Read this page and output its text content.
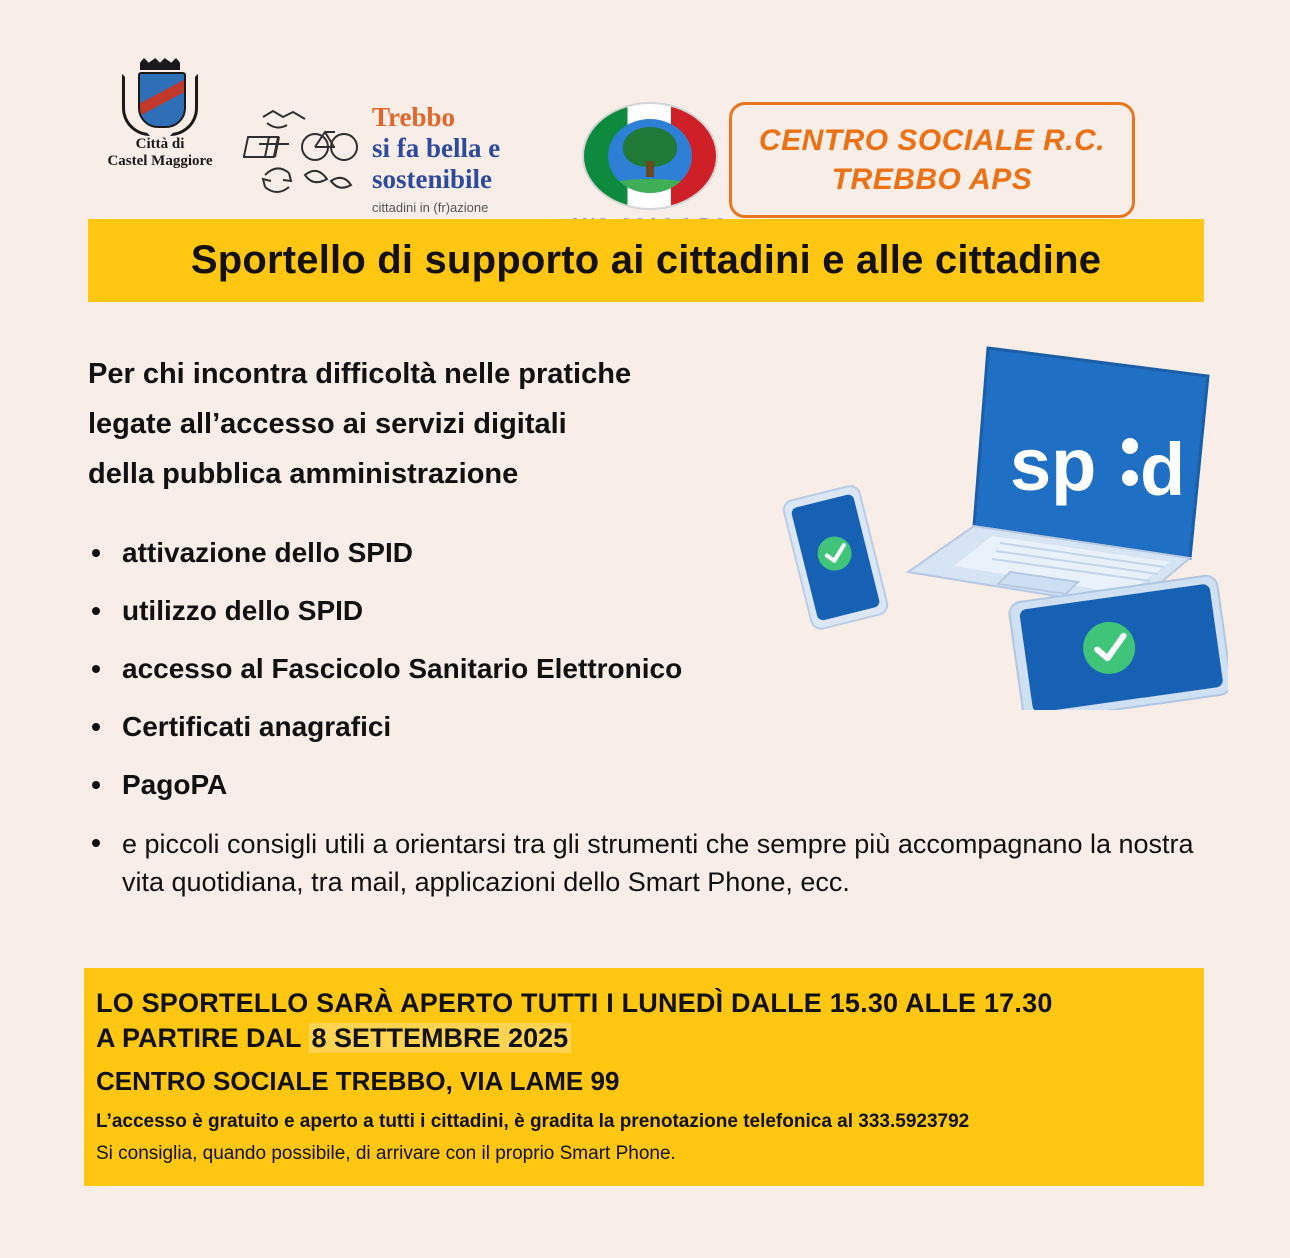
Città di
Castel Maggiore
Trebbo
si fa bella e
sostenibile
cittadini in (fr)azione
CENTRO SOCIALE R.C.
TREBBO APS
Sportello di supporto ai cittadini e alle cittadine
Per chi incontra difficoltà nelle pratiche
legate all’accesso ai servizi digitali
della pubblica amministrazione	sp d
attivazione dello SPID
utilizzo dello SPID
accesso al Fascicolo Sanitario Elettronico
Certificati anagrafici
PagoPA
e piccoli consigli utili a orientarsi tra gli strumenti che sempre più accompagnano la nostra vita quotidiana, tra mail, applicazioni dello Smart Phone, ecc.
LO SPORTELLO SARÀ APERTO TUTTI I LUNEDÌ DALLE 15.30 ALLE 17.30
A PARTIRE DAL 8 SETTEMBRE 2025
CENTRO SOCIALE TREBBO, VIA LAME 99
L’accesso è gratuito e aperto a tutti i cittadini, è gradita la prenotazione telefonica al 333.5923792
Si consiglia, quando possibile, di arrivare con il proprio Smart Phone.
